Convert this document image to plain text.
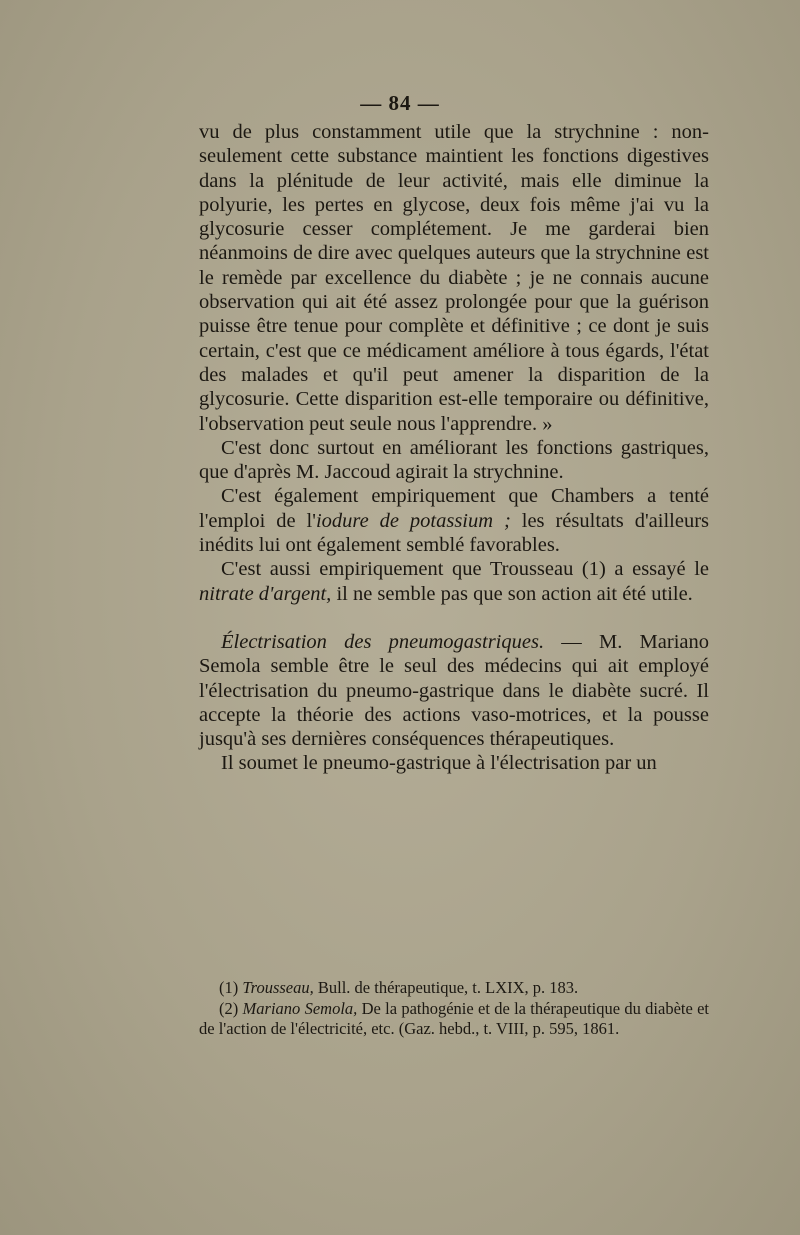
— 84 —

vu de plus constamment utile que la strychnine : non-seulement cette substance maintient les fonctions digestives dans la plénitude de leur activité, mais elle diminue la polyurie, les pertes en glycose, deux fois même j'ai vu la glycosurie cesser complétement. Je me garderai bien néanmoins de dire avec quelques auteurs que la strychnine est le remède par excellence du diabète ; je ne connais aucune observation qui ait été assez prolongée pour que la guérison puisse être tenue pour complète et définitive ; ce dont je suis certain, c'est que ce médicament améliore à tous égards, l'état des malades et qu'il peut amener la disparition de la glycosurie. Cette disparition est-elle temporaire ou définitive, l'observation peut seule nous l'apprendre. »

C'est donc surtout en améliorant les fonctions gastriques, que d'après M. Jaccoud agirait la strychnine.

C'est également empiriquement que Chambers a tenté l'emploi de l'iodure de potassium ; les résultats d'ailleurs inédits lui ont également semblé favorables.

C'est aussi empiriquement que Trousseau (1) a essayé le nitrate d'argent, il ne semble pas que son action ait été utile.

Électrisation des pneumogastriques. — M. Mariano Semola semble être le seul des médecins qui ait employé l'électrisation du pneumo-gastrique dans le diabète sucré. Il accepte la théorie des actions vaso-motrices, et la pousse jusqu'à ses dernières conséquences thérapeutiques.

Il soumet le pneumo-gastrique à l'électrisation par un

(1) Trousseau, Bull. de thérapeutique, t. LXIX, p. 183.

(2) Mariano Semola, De la pathogénie et de la thérapeutique du diabète et de l'action de l'électricité, etc. (Gaz. hebd., t. VIII, p. 595, 1861.
